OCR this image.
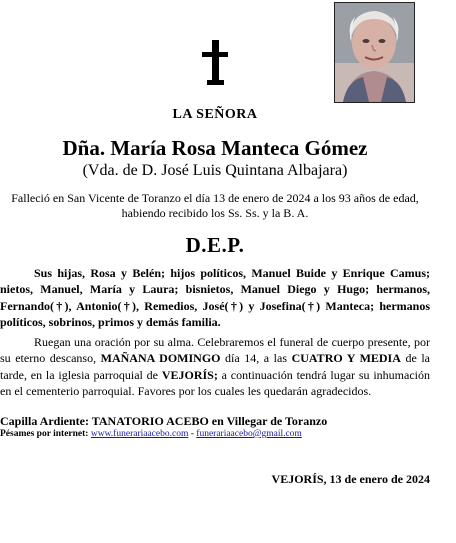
LA SEÑORA
Dña. María Rosa Manteca Gómez
(Vda. de D. José Luis Quintana Albajara)
Falleció en San Vicente de Toranzo el día 13 de enero de 2024 a los 93 años de edad, habiendo recibido los Ss. Ss. y la B. A.
D.E.P.
Sus hijas, Rosa y Belén; hijos políticos, Manuel Buide y Enrique Camus; nietos, Manuel, María y Laura; bisnietos, Manuel Diego y Hugo; hermanos, Fernando(†), Antonio(†), Remedios, José(†) y Josefina(†) Manteca; hermanos políticos, sobrinos, primos y demás familia.
Ruegan una oración por su alma. Celebraremos el funeral de cuerpo presente, por su eterno descanso, MAÑANA DOMINGO día 14, a las CUATRO Y MEDIA de la tarde, en la iglesia parroquial de VEJORÍS; a continuación tendrá lugar su inhumación en el cementerio parroquial. Favores por los cuales les quedarán agradecidos.
Capilla Ardiente: TANATORIO ACEBO en Villegar de Toranzo
Pésames por internet: www.funerariaacebo.com - funerariaacebo@gmail.com
VEJORÍS, 13 de enero de 2024
